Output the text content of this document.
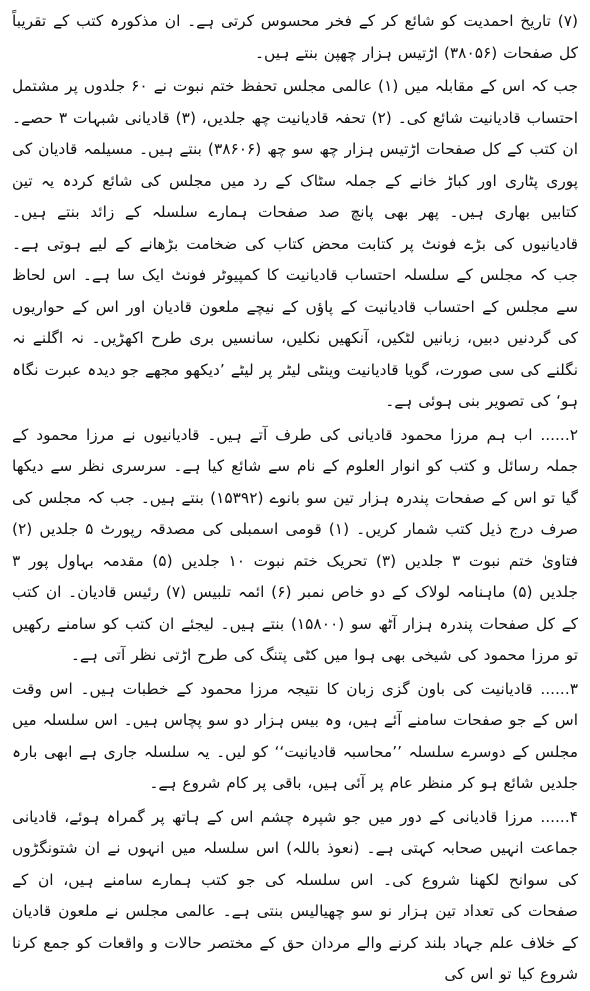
(۷) تاریخ احمدیت کو شائع کر کے فخر محسوس کرتی ہے۔ ان مذکورہ کتب کے تقریباً کل صفحات (۳۸۰۵۶) اڑتیس ہزار چھپن بنتے ہیں۔

جب کہ اس کے مقابلہ میں (۱) عالمی مجلس تحفظ ختم نبوت نے ۶۰ جلدوں پر مشتمل احتساب قادیانیت شائع کی۔ (۲) تحفہ قادیانیت چھ جلدیں، (۳) قادیانی شبہات ۳ حصے۔ ان کتب کے کل صفحات اڑتیس ہزار چھ سو چھ (۳۸۶۰۶) بنتے ہیں۔ مسیلمہ قادیان کی پوری پٹاری اور کباڑ خانے کے جملہ سٹاک کے رد میں مجلس کی شائع کردہ یہ تین کتابیں بھاری ہیں۔ پھر بھی پانچ صد صفحات ہمارے سلسلہ کے زائد بنتے ہیں۔ قادیانیوں کی بڑے فونٹ پر کتابت محض کتاب کی ضخامت بڑھانے کے لیے ہوتی ہے۔ جب کہ مجلس کے سلسلہ احتساب قادیانیت کا کمپیوٹر فونٹ ایک سا ہے۔ اس لحاظ سے مجلس کے احتساب قادیانیت کے پاؤں کے نیچے ملعون قادیان اور اس کے حواریوں کی گردنیں دبیں، زبانیں لٹکیں، آنکھیں نکلیں، سانسیں بری طرح اکھڑیں۔ نہ اگلنے نہ نگلنے کی سی صورت، گویا قادیانیت وینٹی لیٹر پر لیٹے ’دیکھو مجھے جو دیدہ عبرت نگاہ ہو‘ کی تصویر بنی ہوئی ہے۔

۲...... اب ہم مرزا محمود قادیانی کی طرف آتے ہیں۔ قادیانیوں نے مرزا محمود کے جملہ رسائل و کتب کو انوار العلوم کے نام سے شائع کیا ہے۔ سرسری نظر سے دیکھا گیا تو اس کے صفحات پندرہ ہزار تین سو بانوے (۱۵۳۹۲) بنتے ہیں۔ جب کہ مجلس کی صرف درج ذیل کتب شمار کریں۔ (۱) قومی اسمبلی کی مصدقہ رپورٹ ۵ جلدیں (۲) فتاویٰ ختم نبوت ۳ جلدیں (۳) تحریک ختم نبوت ۱۰ جلدیں (۵) مقدمہ بہاول پور ۳ جلدیں (۵) ماہنامہ لولاک کے دو خاص نمبر (۶) ائمہ تلبیس (۷) رئیس قادیان۔ ان کتب کے کل صفحات پندرہ ہزار آٹھ سو (۱۵۸۰۰) بنتے ہیں۔ لیجئے ان کتب کو سامنے رکھیں تو مرزا محمود کی شیخی بھی ہوا میں کٹی پتنگ کی طرح اڑتی نظر آتی ہے۔

۳...... قادیانیت کی باون گزی زبان کا نتیجہ مرزا محمود کے خطبات ہیں۔ اس وقت اس کے جو صفحات سامنے آئے ہیں، وہ بیس ہزار دو سو پچاس ہیں۔ اس سلسلہ میں مجلس کے دوسرے سلسلہ ’’محاسبہ قادیانیت‘‘ کو لیں۔ یہ سلسلہ جاری ہے ابھی بارہ جلدیں شائع ہو کر منظر عام پر آئی ہیں، باقی پر کام شروع ہے۔

۴...... مرزا قادیانی کے دور میں جو شپرہ چشم اس کے ہاتھ پر گمراہ ہوئے، قادیانی جماعت انہیں صحابہ کہتی ہے۔ (نعوذ باللہ) اس سلسلہ میں انہوں نے ان شتونگڑوں کی سوانح لکھنا شروع کی۔ اس سلسلہ کی جو کتب ہمارے سامنے ہیں، ان کے صفحات کی تعداد تین ہزار نو سو چھیالیس بنتی ہے۔ عالمی مجلس نے ملعون قادیان کے خلاف علم جہاد بلند کرنے والے مردان حق کے مختصر حالات و واقعات کو جمع کرنا شروع کیا تو اس کی
